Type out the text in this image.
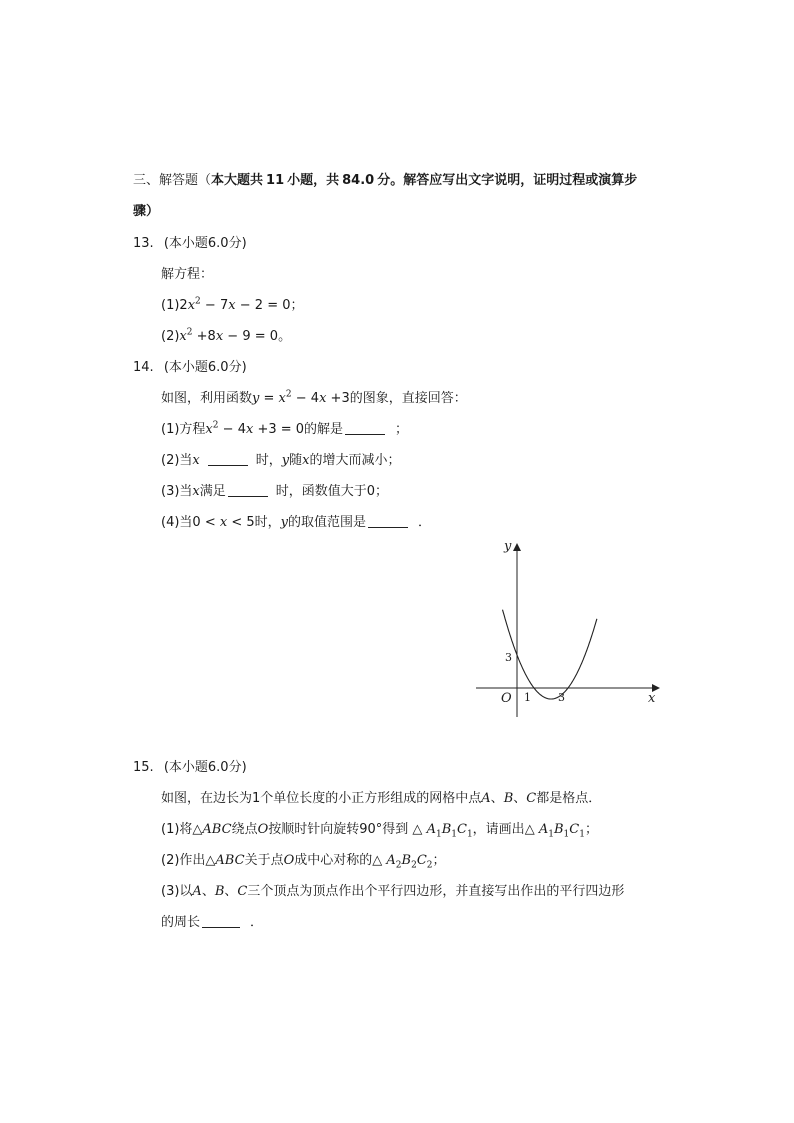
三、解答题（本大题共 11 小题，共 84.0 分。解答应写出文字说明，证明过程或演算步
骤）
13. (本小题6.0分)
解方程：
$(1)2x^2 - 7x - 2 = 0$；
$(2)x^2 +8x - 9 = 0$。
14. (本小题6.0分)
如图，利用函数$y = x^2 - 4x +3$的图象，直接回答：
(1)方程$x^2 - 4x +3 = 0$的解是	；
(2)当x	时，y随x的增大而减小；
(3)当x满足	时，函数值大于0；
(4)当0 < x < 5时，y的取值范围是	．
y
x
O 1 3
3
15. (本小题6.0分)
如图，在边长为1个单位长度的小正方形组成的网格中点A、B、C都是格点．
(1)将△ABC绕点O按顺时针向旋转90°得到 △ $A_1B_1C_1$，请画出△ $A_1B_1C_1$；
(2)作出△ABC关于点O成中心对称的△ $A_2B_2C_2$；
(3)以A、B、C三个顶点为顶点作出个平行四边形，并直接写出作出的平行四边形
的周长	．
